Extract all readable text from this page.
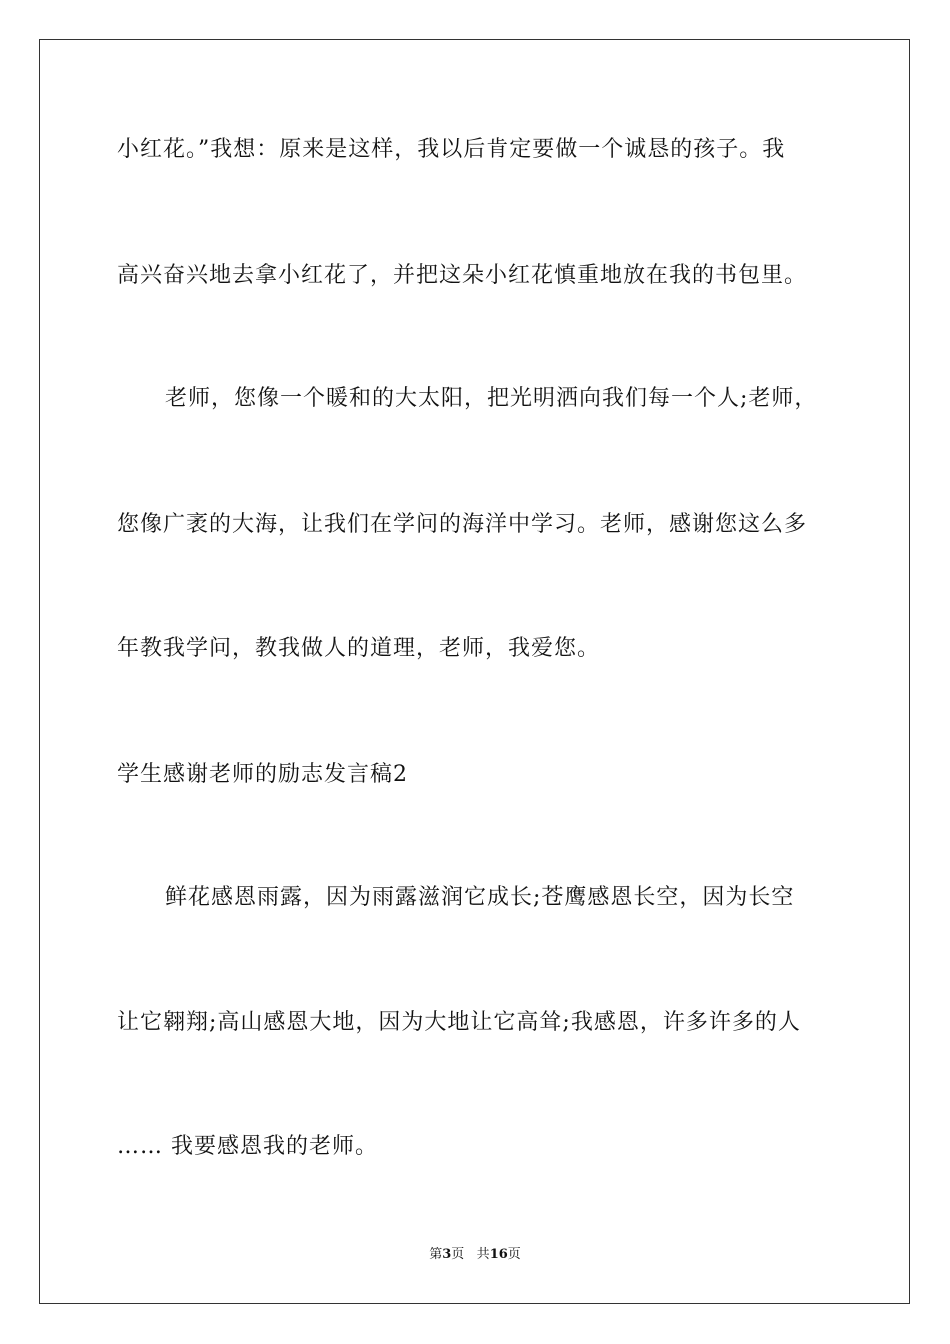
小红花。”我想：原来是这样，我以后肯定要做一个诚恳的孩子。我
高兴奋兴地去拿小红花了，并把这朵小红花慎重地放在我的书包里。
老师，您像一个暖和的大太阳，把光明洒向我们每一个人;老师，
您像广袤的大海，让我们在学问的海洋中学习。老师，感谢您这么多
年教我学问，教我做人的道理，老师，我爱您。
学生感谢老师的励志发言稿2
鲜花感恩雨露，因为雨露滋润它成长;苍鹰感恩长空，因为长空
让它翱翔;高山感恩大地，因为大地让它高耸;我感恩，许多许多的人
…… 我要感恩我的老师。
第3页 共16页
